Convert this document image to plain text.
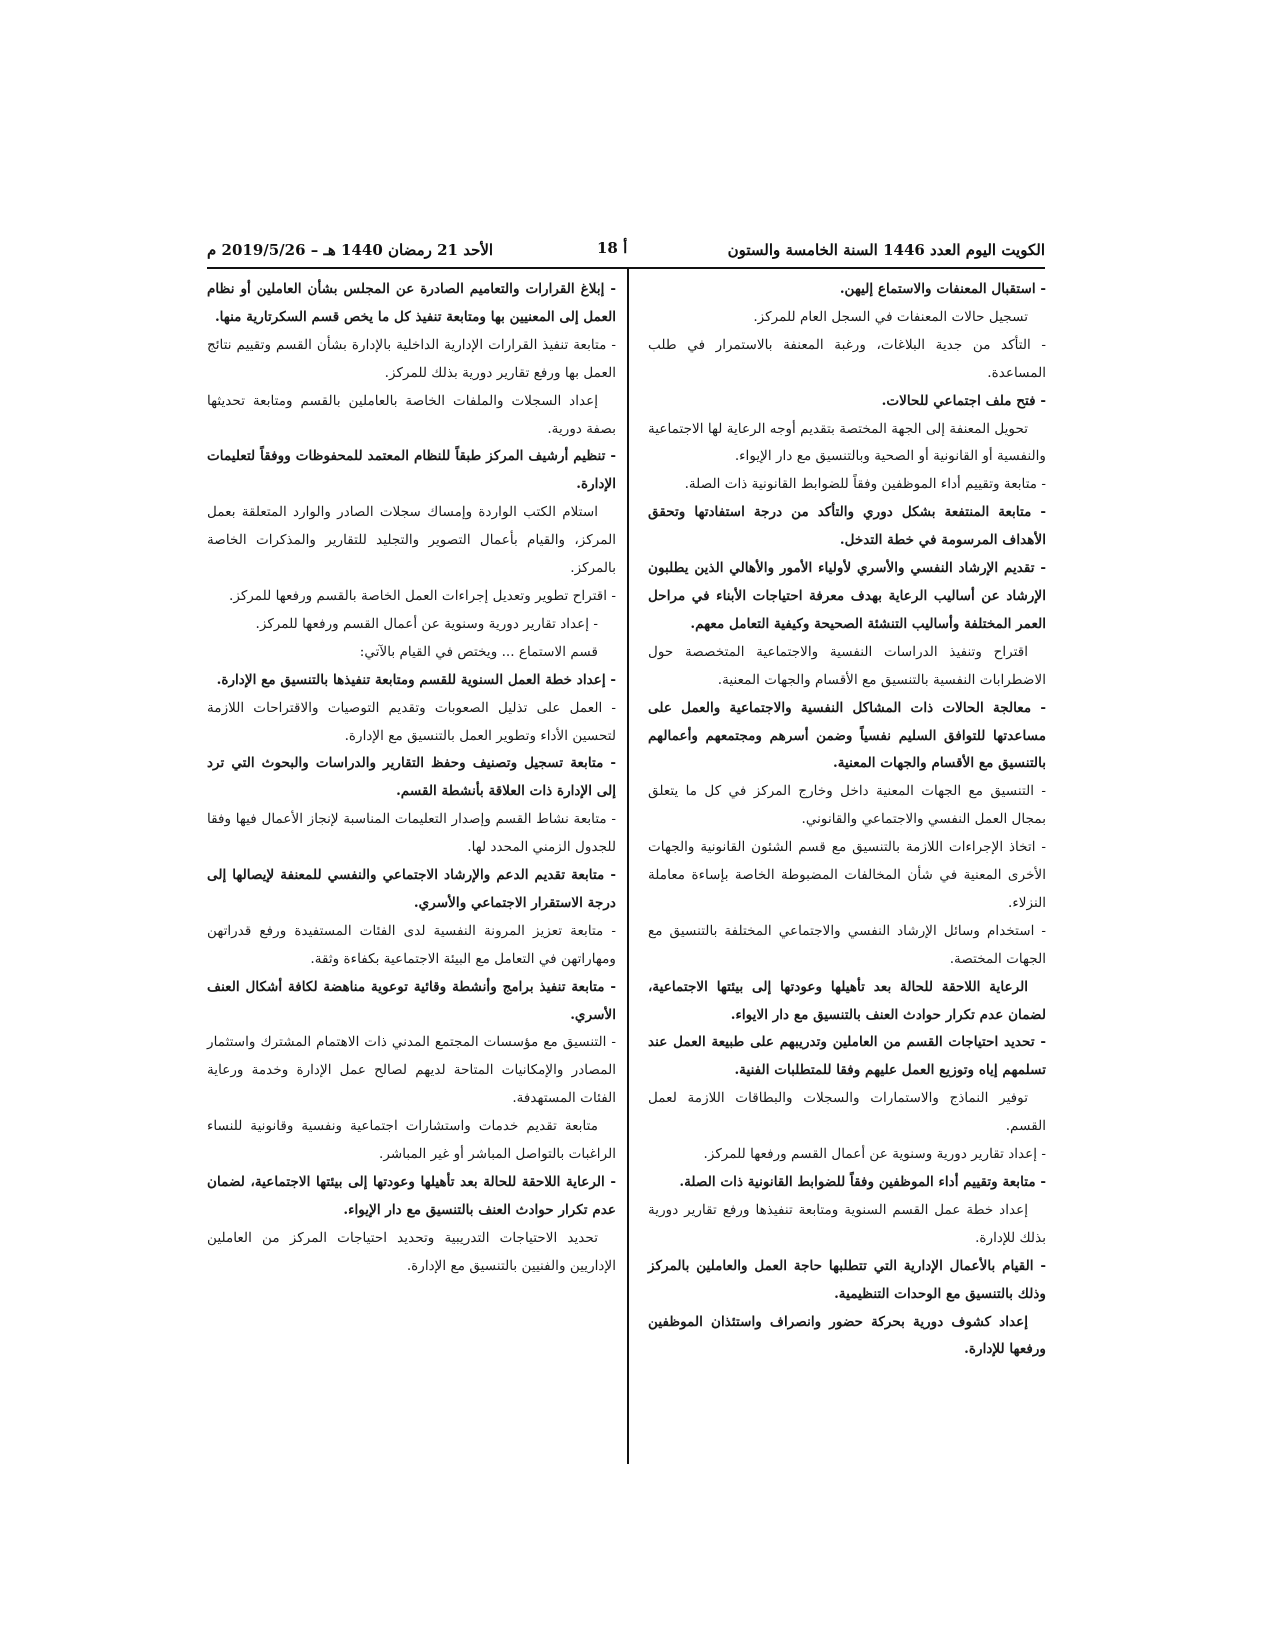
الكويت اليوم العدد 1446 السنة الخامسة والستون
أ 18
الأحد 21 رمضان 1440 هـ – 2019/5/26 م

- استقبال المعنفات والاستماع إليهن.

تسجيل حالات المعنفات في السجل العام للمركز.

- التأكد من جدية البلاغات، ورغبة المعنفة بالاستمرار في طلب المساعدة.

- فتح ملف اجتماعي للحالات.

تحويل المعنفة إلى الجهة المختصة بتقديم أوجه الرعاية لها الاجتماعية والنفسية أو القانونية أو الصحية وبالتنسيق مع دار الإيواء.

- متابعة وتقييم أداء الموظفين وفقاً للضوابط القانونية ذات الصلة.

- متابعة المنتفعة بشكل دوري والتأكد من درجة استفادتها وتحقق الأهداف المرسومة في خطة التدخل.

- تقديم الإرشاد النفسي والأسري لأولياء الأمور والأهالي الذين يطلبون الإرشاد عن أساليب الرعاية بهدف معرفة احتياجات الأبناء في مراحل العمر المختلفة وأساليب التنشئة الصحيحة وكيفية التعامل معهم.

اقتراح وتنفيذ الدراسات النفسية والاجتماعية المتخصصة حول الاضطرابات النفسية بالتنسيق مع الأقسام والجهات المعنية.

- معالجة الحالات ذات المشاكل النفسية والاجتماعية والعمل على مساعدتها للتوافق السليم نفسياً وضمن أسرهم ومجتمعهم وأعمالهم بالتنسيق مع الأقسام والجهات المعنية.

- التنسيق مع الجهات المعنية داخل وخارج المركز في كل ما يتعلق بمجال العمل النفسي والاجتماعي والقانوني.

- اتخاذ الإجراءات اللازمة بالتنسيق مع قسم الشئون القانونية والجهات الأخرى المعنية في شأن المخالفات المضبوطة الخاصة بإساءة معاملة النزلاء.

- استخدام وسائل الإرشاد النفسي والاجتماعي المختلفة بالتنسيق مع الجهات المختصة.

الرعاية اللاحقة للحالة بعد تأهيلها وعودتها إلى بيئتها الاجتماعية، لضمان عدم تكرار حوادث العنف بالتنسيق مع دار الايواء.

- تحديد احتياجات القسم من العاملين وتدريبهم على طبيعة العمل عند تسلمهم إياه وتوزيع العمل عليهم وفقا للمتطلبات الفنية.

توفير النماذج والاستمارات والسجلات والبطاقات اللازمة لعمل القسم.

- إعداد تقارير دورية وسنوية عن أعمال القسم ورفعها للمركز.

- متابعة وتقييم أداء الموظفين وفقاً للضوابط القانونية ذات الصلة.

إعداد خطة عمل القسم السنوية ومتابعة تنفيذها ورفع تقارير دورية بذلك للإدارة.

- القيام بالأعمال الإدارية التي تتطلبها حاجة العمل والعاملين بالمركز وذلك بالتنسيق مع الوحدات التنظيمية.

إعداد كشوف دورية بحركة حضور وانصراف واستئذان الموظفين ورفعها للإدارة.

- إبلاغ القرارات والتعاميم الصادرة عن المجلس بشأن العاملين أو نظام العمل إلى المعنيين بها ومتابعة تنفيذ كل ما يخص قسم السكرتارية منها.

- متابعة تنفيذ القرارات الإدارية الداخلية بالإدارة بشأن القسم وتقييم نتائج العمل بها ورفع تقارير دورية بذلك للمركز.

إعداد السجلات والملفات الخاصة بالعاملين بالقسم ومتابعة تحديثها بصفة دورية.

- تنظيم أرشيف المركز طبقاً للنظام المعتمد للمحفوظات ووفقاً لتعليمات الإدارة.

استلام الكتب الواردة وإمساك سجلات الصادر والوارد المتعلقة بعمل المركز، والقيام بأعمال التصوير والتجليد للتقارير والمذكرات الخاصة بالمركز.

- اقتراح تطوير وتعديل إجراءات العمل الخاصة بالقسم ورفعها للمركز.

- إعداد تقارير دورية وسنوية عن أعمال القسم ورفعها للمركز.

قسم الاستماع ... ويختص في القيام بالآتي:

- إعداد خطة العمل السنوية للقسم ومتابعة تنفيذها بالتنسيق مع الإدارة.

- العمل على تذليل الصعوبات وتقديم التوصيات والاقتراحات اللازمة لتحسين الأداء وتطوير العمل بالتنسيق مع الإدارة.

- متابعة تسجيل وتصنيف وحفظ التقارير والدراسات والبحوث التي ترد إلى الإدارة ذات العلاقة بأنشطة القسم.

- متابعة نشاط القسم وإصدار التعليمات المناسبة لإنجاز الأعمال فيها وفقا للجدول الزمني المحدد لها.

- متابعة تقديم الدعم والإرشاد الاجتماعي والنفسي للمعنفة لإيصالها إلى درجة الاستقرار الاجتماعي والأسري.

- متابعة تعزيز المرونة النفسية لدى الفئات المستفيدة ورفع قدراتهن ومهاراتهن في التعامل مع البيئة الاجتماعية بكفاءة وثقة.

- متابعة تنفيذ برامج وأنشطة وقائية توعوية مناهضة لكافة أشكال العنف الأسري.

- التنسيق مع مؤسسات المجتمع المدني ذات الاهتمام المشترك واستثمار المصادر والإمكانيات المتاحة لديهم لصالح عمل الإدارة وخدمة ورعاية الفئات المستهدفة.

متابعة تقديم خدمات واستشارات اجتماعية ونفسية وقانونية للنساء الراغبات بالتواصل المباشر أو غير المباشر.

- الرعاية اللاحقة للحالة بعد تأهيلها وعودتها إلى بيئتها الاجتماعية، لضمان عدم تكرار حوادث العنف بالتنسيق مع دار الإيواء.

تحديد الاحتياجات التدريبية وتحديد احتياجات المركز من العاملين الإداريين والفنيين بالتنسيق مع الإدارة.
